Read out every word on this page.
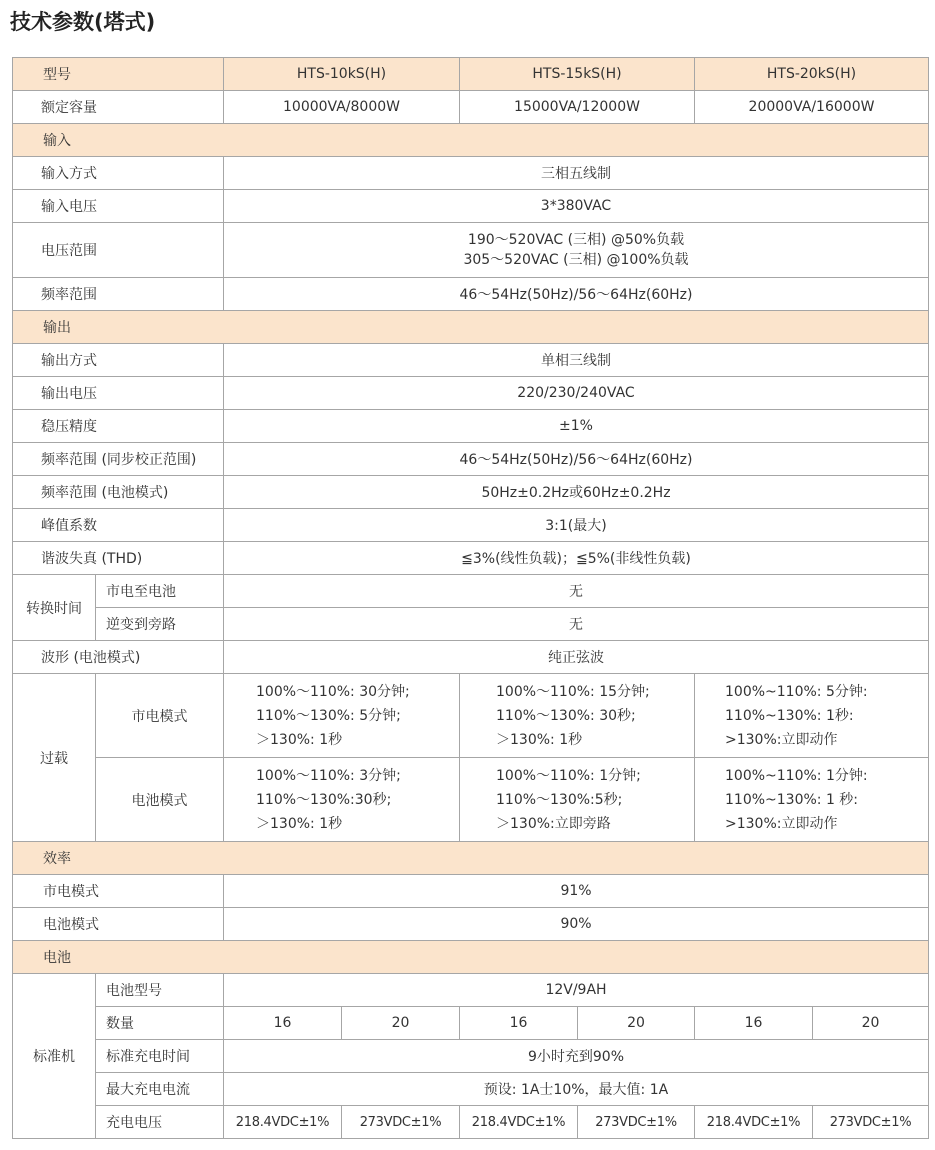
技术参数(塔式)
型号		HTS-10kS(H)		HTS-15kS(H)		HTS-20kS(H)	
额定容量		10000VA/8000W		15000VA/12000W		20000VA/16000W	
输入							
输入方式		三相五线制					
输入电压		3*380VAC					
电压范围		190～520VAC (三相) @50%负载
305～520VAC (三相) @100%负载					

频率范围		46～54Hz(50Hz)/56～64Hz(60Hz)					
输出							
输出方式		单相三线制					
输出电压		220/230/240VAC					
稳压精度		±1%					
频率范围 (同步校正范围)		46～54Hz(50Hz)/56～64Hz(60Hz)					
频率范围 (电池模式)		50Hz±0.2Hz或60Hz±0.2Hz					
峰值系数		3:1(最大)					
谐波失真 (THD)		≦3%(线性负载)；≦5%(非线性负载)					
转换时间	市电至电池	无					
	逆变到旁路	无					
波形 (电池模式)		纯正弦波					
过载	市电模式	100%～110%: 30分钟;
110%～130%: 5分钟;
＞130%: 1秒		100%～110%: 15分钟;
110%～130%: 30秒;
＞130%: 1秒		100%~110%: 5分钟:
110%~130%: 1秒:
>130%:立即动作	

	电池模式	100%～110%: 3分钟;
110%～130%:30秒;
＞130%: 1秒		100%～110%: 1分钟;
110%～130%:5秒;
＞130%:立即旁路		100%~110%: 1分钟:
110%~130%: 1 秒:
>130%:立即动作	

效率							
市电模式		91%					
电池模式		90%					
电池							
标准机	电池型号	12V/9AH					
	数量	16	20	16	20	16	20
	标准充电时间	9小时充到90%					
	最大充电电流	预设: 1A士10%，最大值: 1A					
	充电电压	218.4VDC±1%	273VDC±1%	218.4VDC±1%	273VDC±1%	218.4VDC±1%	273VDC±1%
